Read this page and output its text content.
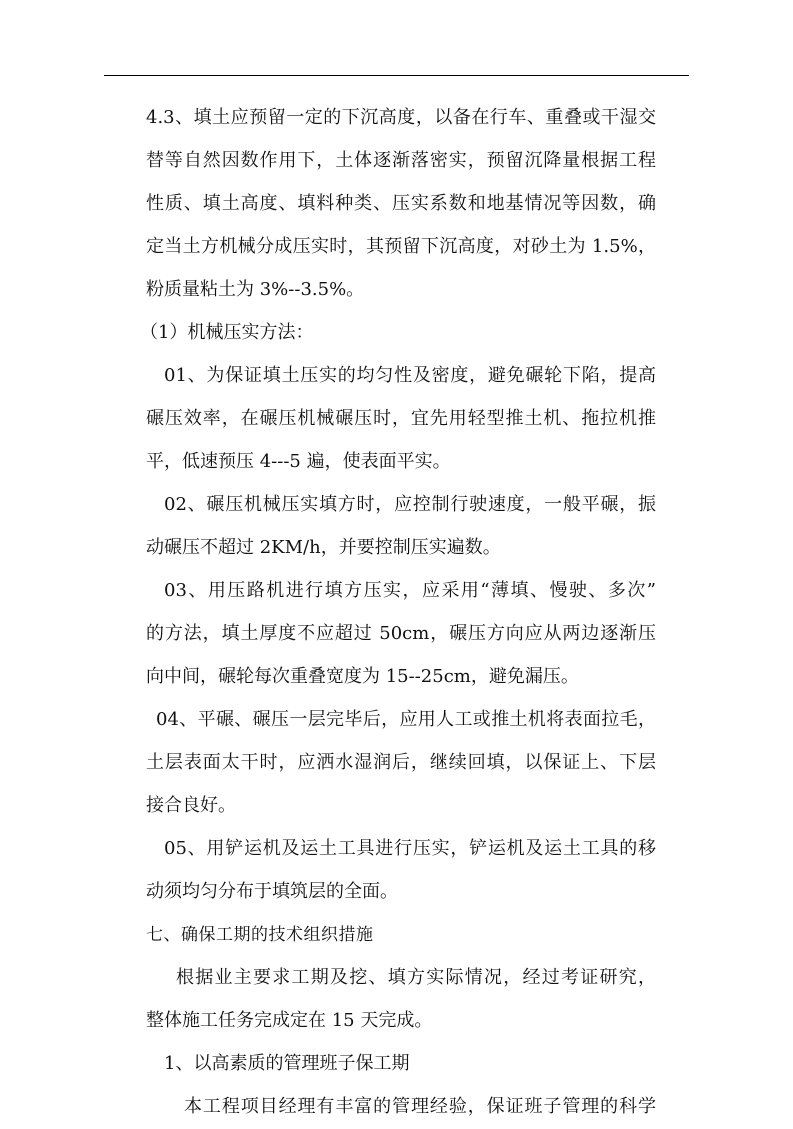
4.3、填土应预留一定的下沉高度，以备在行车、重叠或干湿交
替等自然因数作用下，土体逐渐落密实，预留沉降量根据工程
性质、填土高度、填料种类、压实系数和地基情况等因数，确
定当土方机械分成压实时，其预留下沉高度，对砂土为 1.5%，
粉质量粘土为 3%--3.5%。
（1）机械压实方法：
01、为保证填土压实的均匀性及密度，避免碾轮下陷，提高
碾压效率，在碾压机械碾压时，宜先用轻型推土机、拖拉机推
平，低速预压 4---5 遍，使表面平实。
02、碾压机械压实填方时，应控制行驶速度，一般平碾，振
动碾压不超过 2KM/h，并要控制压实遍数。
03、用压路机进行填方压实，应采用“薄填、慢驶、多次”
的方法，填土厚度不应超过 50cm，碾压方向应从两边逐渐压
向中间，碾轮每次重叠宽度为 15--25cm，避免漏压。
04、平碾、碾压一层完毕后，应用人工或推土机将表面拉毛，
土层表面太干时，应洒水湿润后，继续回填，以保证上、下层
接合良好。
05、用铲运机及运土工具进行压实，铲运机及运土工具的移
动须均匀分布于填筑层的全面。
七、确保工期的技术组织措施
根据业主要求工期及挖、填方实际情况，经过考证研究，
整体施工任务完成定在 15 天完成。
1、以高素质的管理班子保工期
本工程项目经理有丰富的管理经验，保证班子管理的科学
